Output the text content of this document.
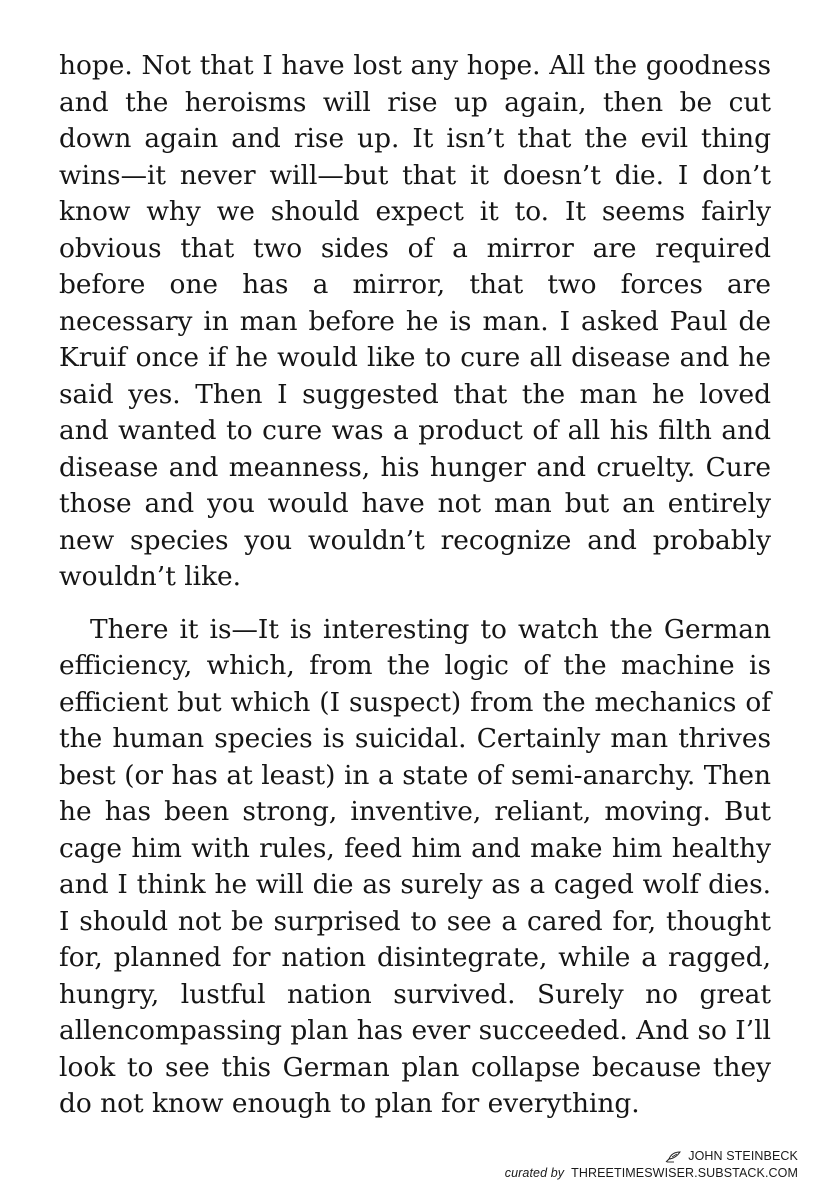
hope. Not that I have lost any hope. All the goodness and the heroisms will rise up again, then be cut down again and rise up. It isn’t that the evil thing wins—it never will—but that it doesn’t die. I don’t know why we should expect it to. It seems fairly obvious that two sides of a mirror are required before one has a mirror, that two forces are necessary in man before he is man. I asked Paul de Kruif once if he would like to cure all disease and he said yes. Then I suggested that the man he loved and wanted to cure was a product of all his filth and disease and meanness, his hunger and cruelty. Cure those and you would have not man but an entirely new species you wouldn’t recognize and probably wouldn’t like.

There it is—It is interesting to watch the German efficiency, which, from the logic of the machine is efficient but which (I suspect) from the mechanics of the human species is suicidal. Certainly man thrives best (or has at least) in a state of semi-anarchy. Then he has been strong, inventive, reliant, moving. But cage him with rules, feed him and make him healthy and I think he will die as surely as a caged wolf dies. I should not be surprised to see a cared for, thought for, planned for nation disintegrate, while a ragged, hungry, lustful nation survived. Surely no great allencompassing plan has ever succeeded. And so I’ll look to see this German plan collapse because they do not know enough to plan for everything.

JOHN STEINBECK
curated by THREETIMESWISER.SUBSTACK.COM
